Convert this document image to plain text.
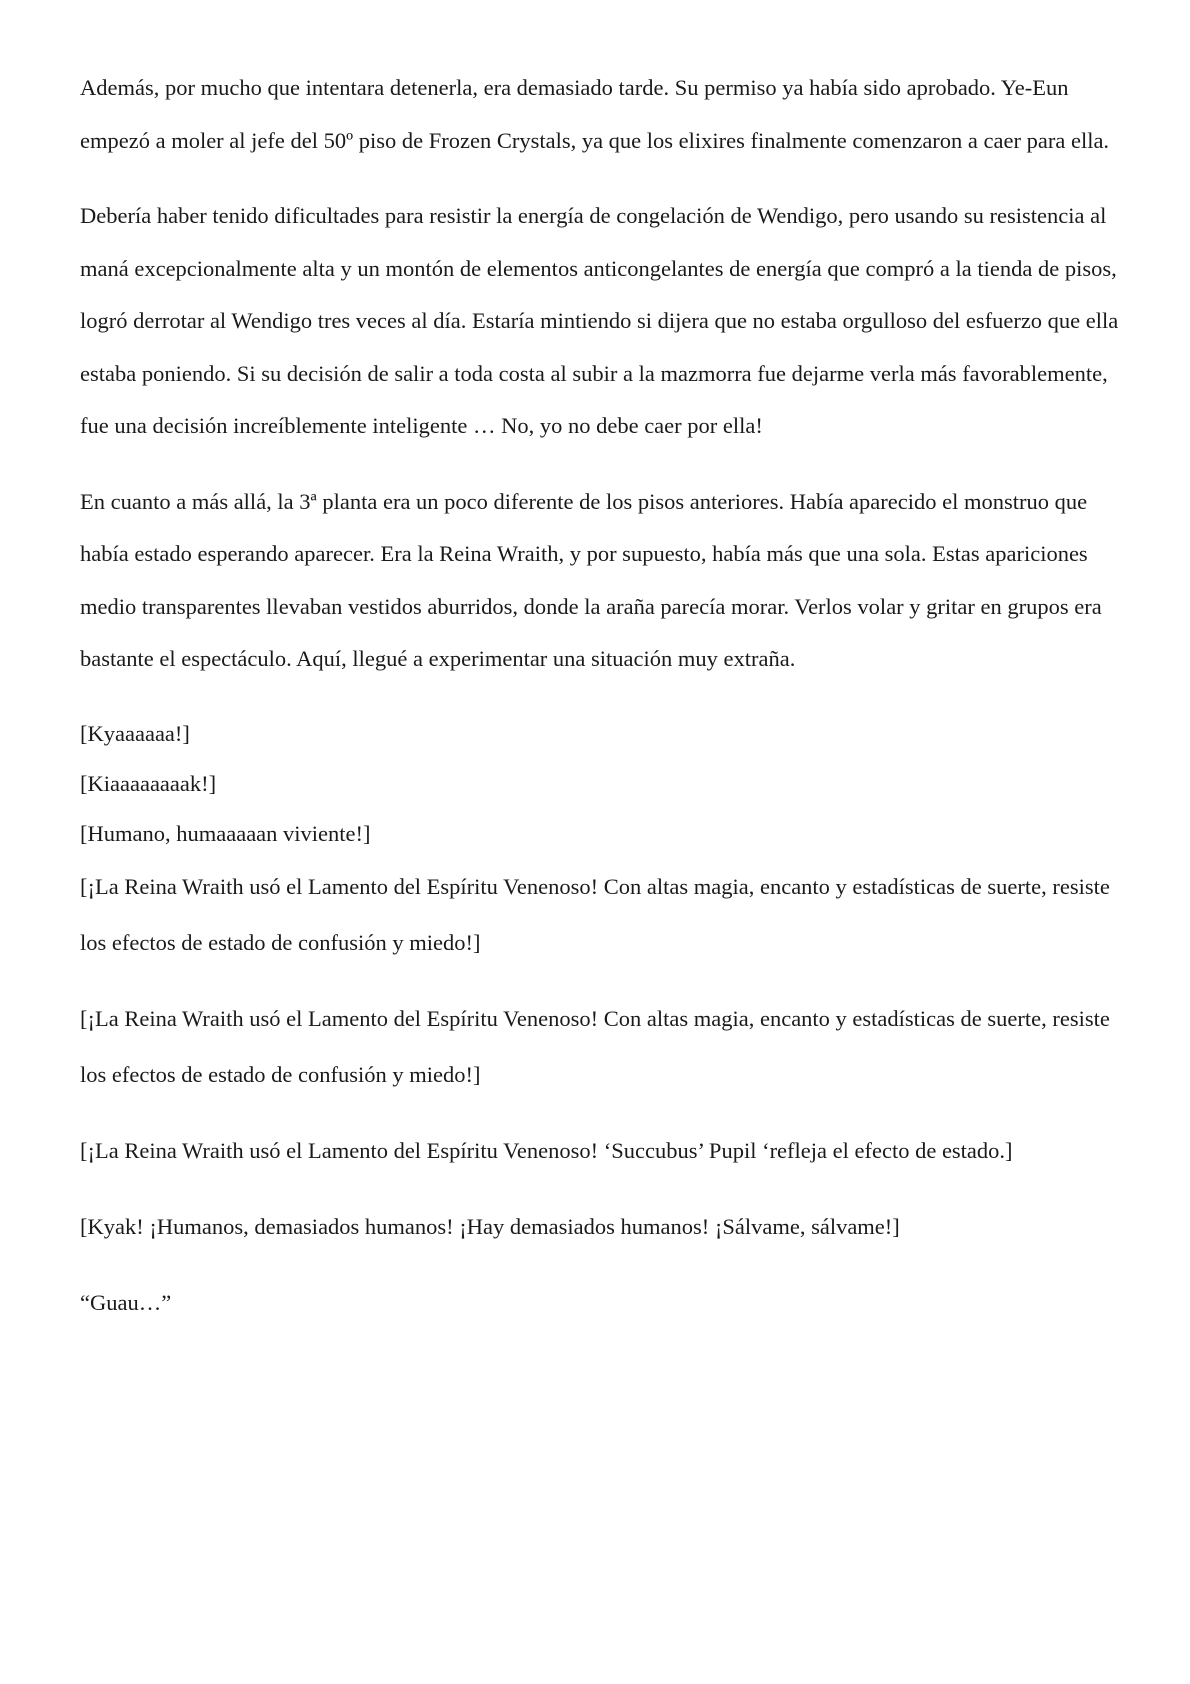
Además, por mucho que intentara detenerla, era demasiado tarde. Su permiso ya había sido aprobado. Ye-Eun empezó a moler al jefe del 50º piso de Frozen Crystals, ya que los elixires finalmente comenzaron a caer para ella.

Debería haber tenido dificultades para resistir la energía de congelación de Wendigo, pero usando su resistencia al maná excepcionalmente alta y un montón de elementos anticongelantes de energía que compró a la tienda de pisos, logró derrotar al Wendigo tres veces al día. Estaría mintiendo si dijera que no estaba orgulloso del esfuerzo que ella estaba poniendo. Si su decisión de salir a toda costa al subir a la mazmorra fue dejarme verla más favorablemente, fue una decisión increíblemente inteligente … No, yo no debe caer por ella!

En cuanto a más allá, la 3ª planta era un poco diferente de los pisos anteriores. Había aparecido el monstruo que había estado esperando aparecer. Era la Reina Wraith, y por supuesto, había más que una sola. Estas apariciones medio transparentes llevaban vestidos aburridos, donde la araña parecía morar. Verlos volar y gritar en grupos era bastante el espectáculo. Aquí, llegué a experimentar una situación muy extraña.

[Kyaaaaaa!]

[Kiaaaaaaaak!]

[Humano, humaaaaan viviente!]

[¡La Reina Wraith usó el Lamento del Espíritu Venenoso! Con altas magia, encanto y estadísticas de suerte, resiste los efectos de estado de confusión y miedo!]

[¡La Reina Wraith usó el Lamento del Espíritu Venenoso! Con altas magia, encanto y estadísticas de suerte, resiste los efectos de estado de confusión y miedo!]

[¡La Reina Wraith usó el Lamento del Espíritu Venenoso! ‘Succubus’ Pupil ‘refleja el efecto de estado.]

[Kyak! ¡Humanos, demasiados humanos! ¡Hay demasiados humanos! ¡Sálvame, sálvame!]

“Guau…”
